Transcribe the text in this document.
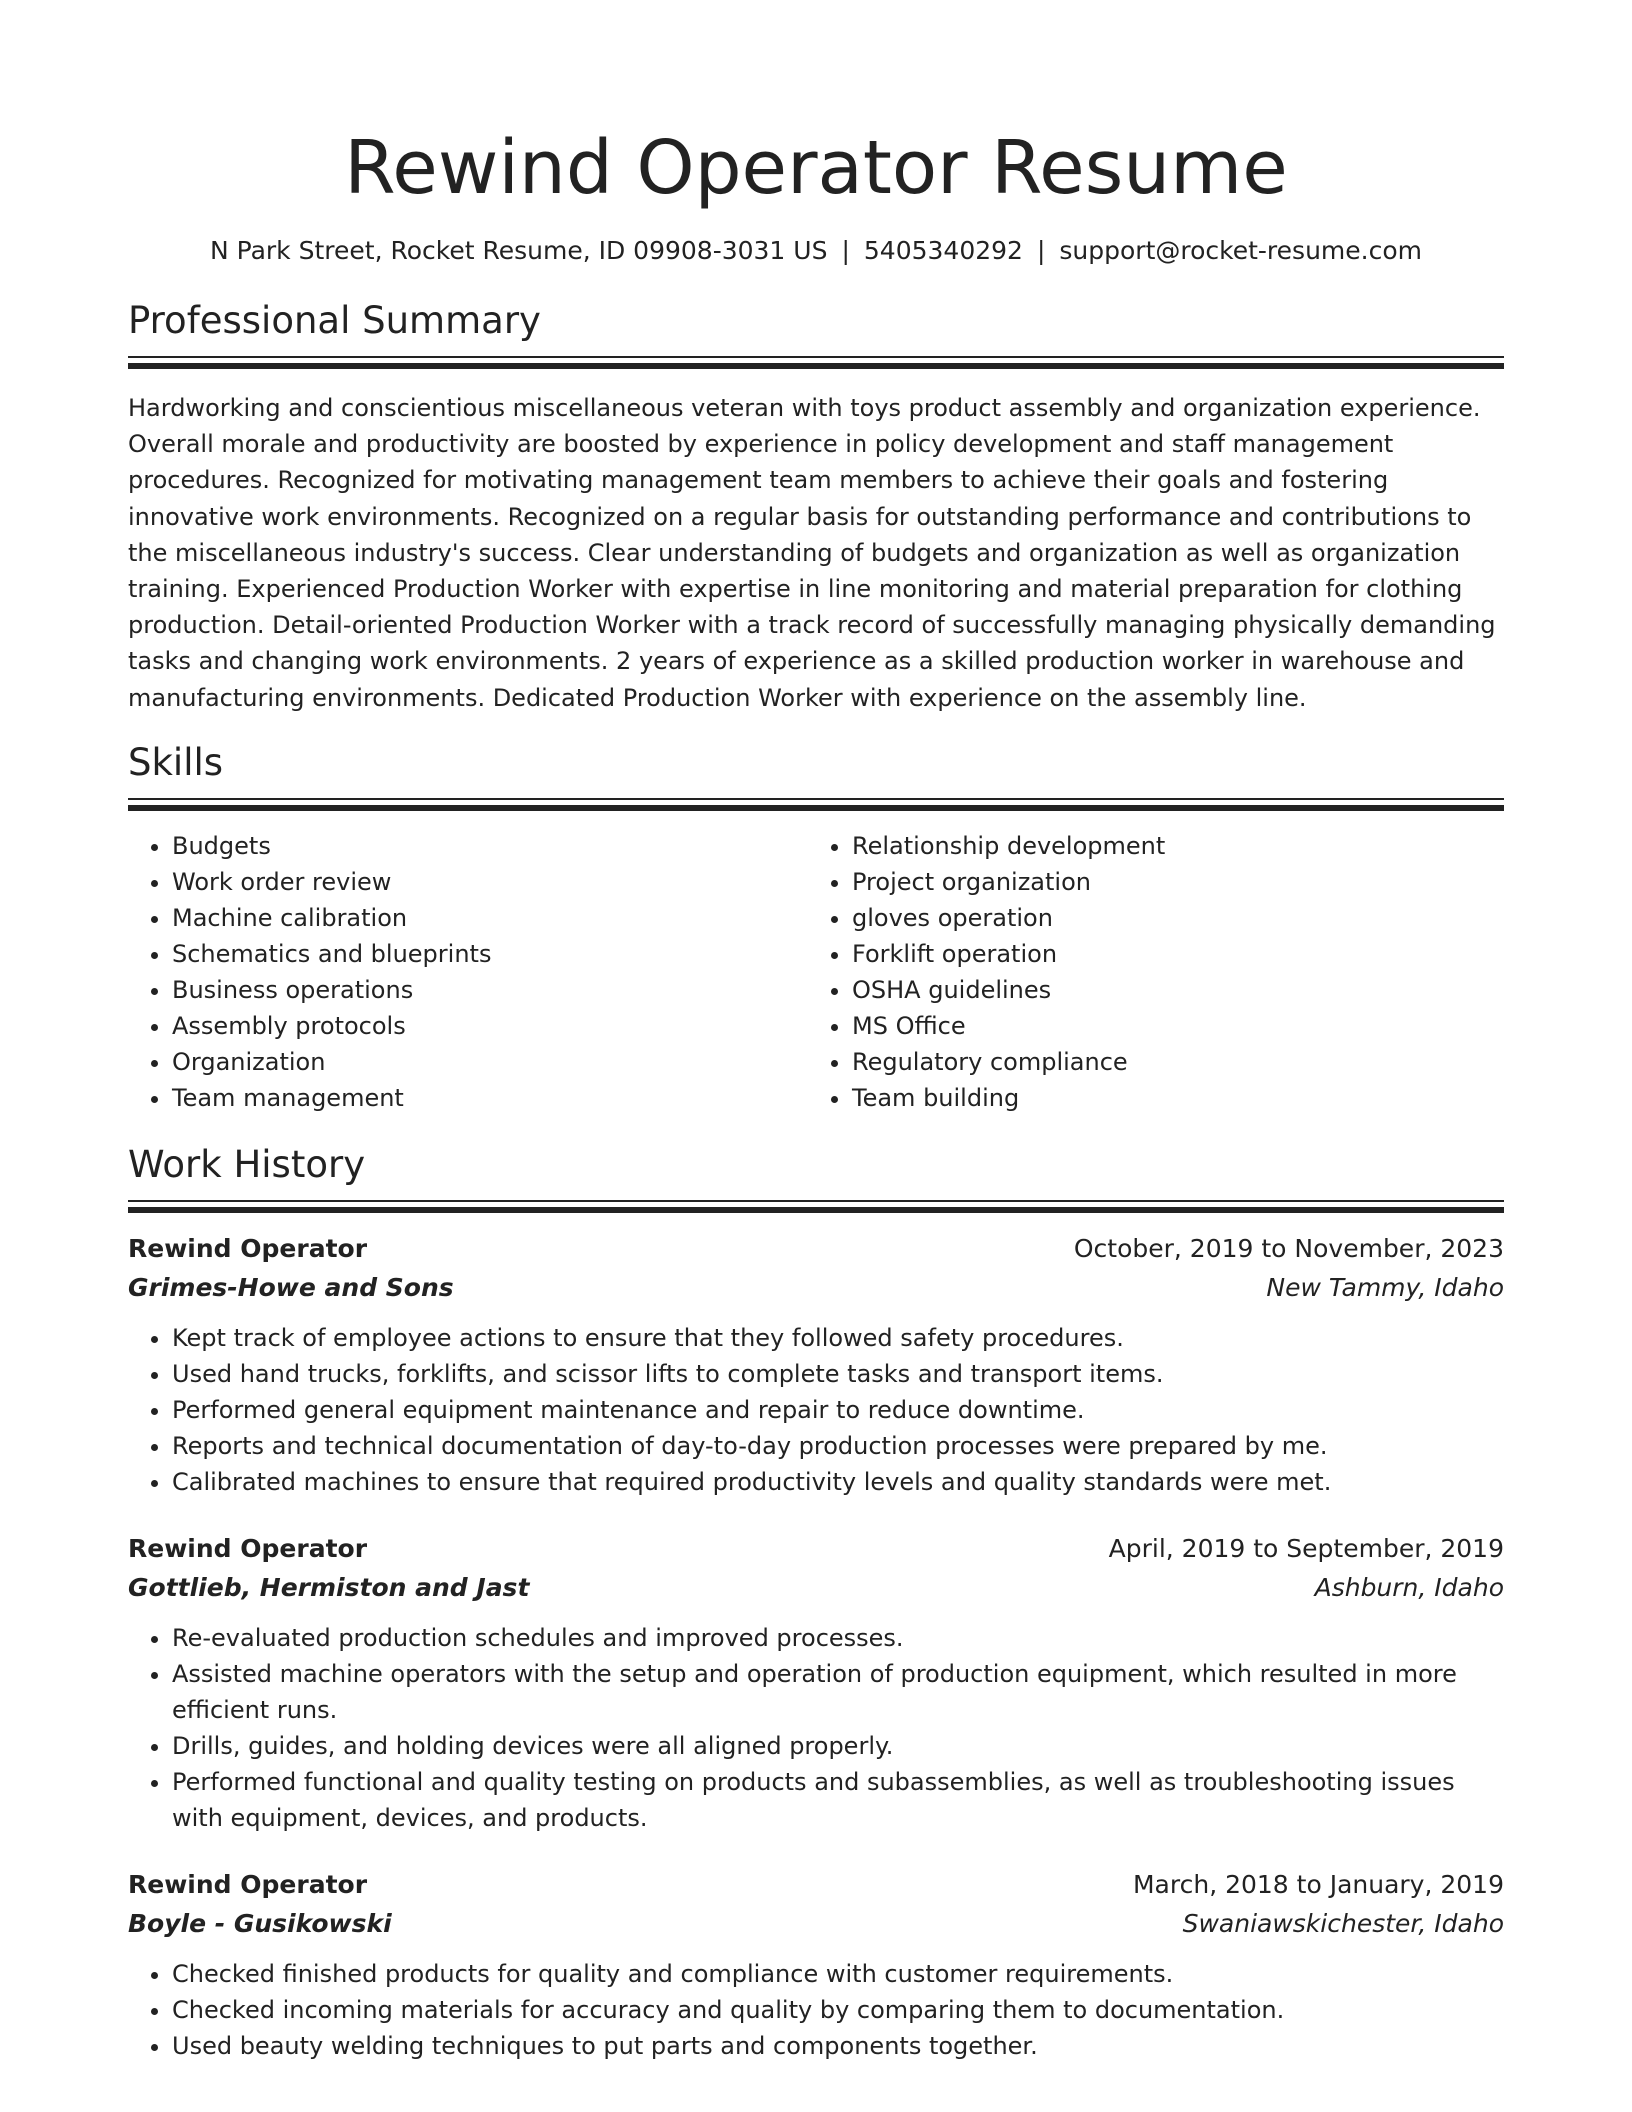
Rewind Operator Resume
N Park Street, Rocket Resume, ID 09908-3031 US | 5405340292 | support@rocket-resume.com
Professional Summary
Hardworking and conscientious miscellaneous veteran with toys product assembly and organization experience. Overall morale and productivity are boosted by experience in policy development and staff management procedures. Recognized for motivating management team members to achieve their goals and fostering innovative work environments. Recognized on a regular basis for outstanding performance and contributions to the miscellaneous industry's success. Clear understanding of budgets and organization as well as organization training. Experienced Production Worker with expertise in line monitoring and material preparation for clothing production. Detail-oriented Production Worker with a track record of successfully managing physically demanding tasks and changing work environments. 2 years of experience as a skilled production worker in warehouse and manufacturing environments. Dedicated Production Worker with experience on the assembly line.
Skills
• Budgets
• Work order review
• Machine calibration
• Schematics and blueprints
• Business operations
• Assembly protocols
• Organization
• Team management
• Relationship development
• Project organization
• gloves operation
• Forklift operation
• OSHA guidelines
• MS Office
• Regulatory compliance
• Team building
Work History
Rewind Operator	October, 2019 to November, 2023
Grimes-Howe and Sons	New Tammy, Idaho
• Kept track of employee actions to ensure that they followed safety procedures.
• Used hand trucks, forklifts, and scissor lifts to complete tasks and transport items.
• Performed general equipment maintenance and repair to reduce downtime.
• Reports and technical documentation of day-to-day production processes were prepared by me.
• Calibrated machines to ensure that required productivity levels and quality standards were met.
Rewind Operator	April, 2019 to September, 2019
Gottlieb, Hermiston and Jast	Ashburn, Idaho
• Re-evaluated production schedules and improved processes.
• Assisted machine operators with the setup and operation of production equipment, which resulted in more efficient runs.
• Drills, guides, and holding devices were all aligned properly.
• Performed functional and quality testing on products and subassemblies, as well as troubleshooting issues with equipment, devices, and products.
Rewind Operator	March, 2018 to January, 2019
Boyle - Gusikowski	Swaniawskichester, Idaho
• Checked finished products for quality and compliance with customer requirements.
• Checked incoming materials for accuracy and quality by comparing them to documentation.
• Used beauty welding techniques to put parts and components together.
